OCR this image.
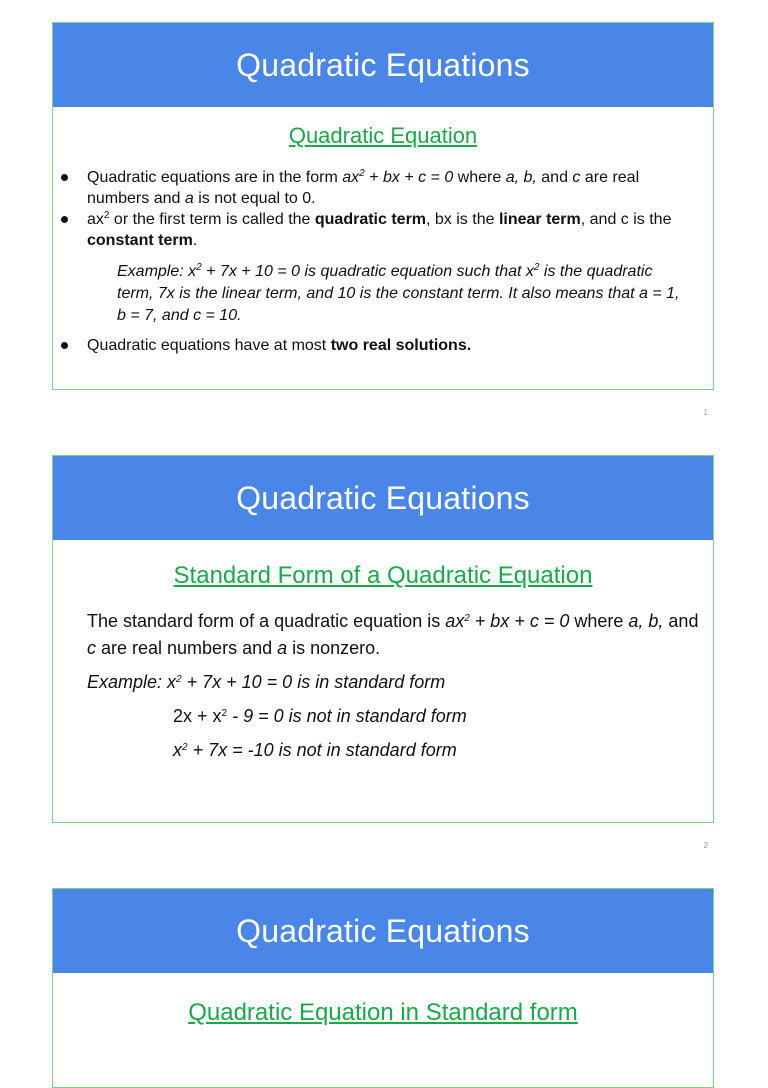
Quadratic Equations

Quadratic Equation

Quadratic equations are in the form $ax^2$ + bx + c = 0 where a, b, and c are real numbers and a is not equal to 0.
$ax^2$ or the first term is called the quadratic term, bx is the linear term, and c is the constant term.
Example: $x^2 + 7x + 10 = 0$ is quadratic equation such that $x^2$ is the quadratic term, 7x is the linear term, and 10 is the constant term. It also means that a = 1, b = 7, and c = 10.
Quadratic equations have at most two real solutions.
1
Quadratic Equations

Standard Form of a Quadratic Equation

The standard form of a quadratic equation is $ax^2$ + bx + c = 0 where a, b, and c are real numbers and a is nonzero.
Example: $x^2 + 7x + 10 = 0$ is in standard form
$2x + x^2 - 9 = 0$ is not in standard form
$x^2 + 7x = -10$ is not in standard form
2
Quadratic Equations

Quadratic Equation in Standard form
